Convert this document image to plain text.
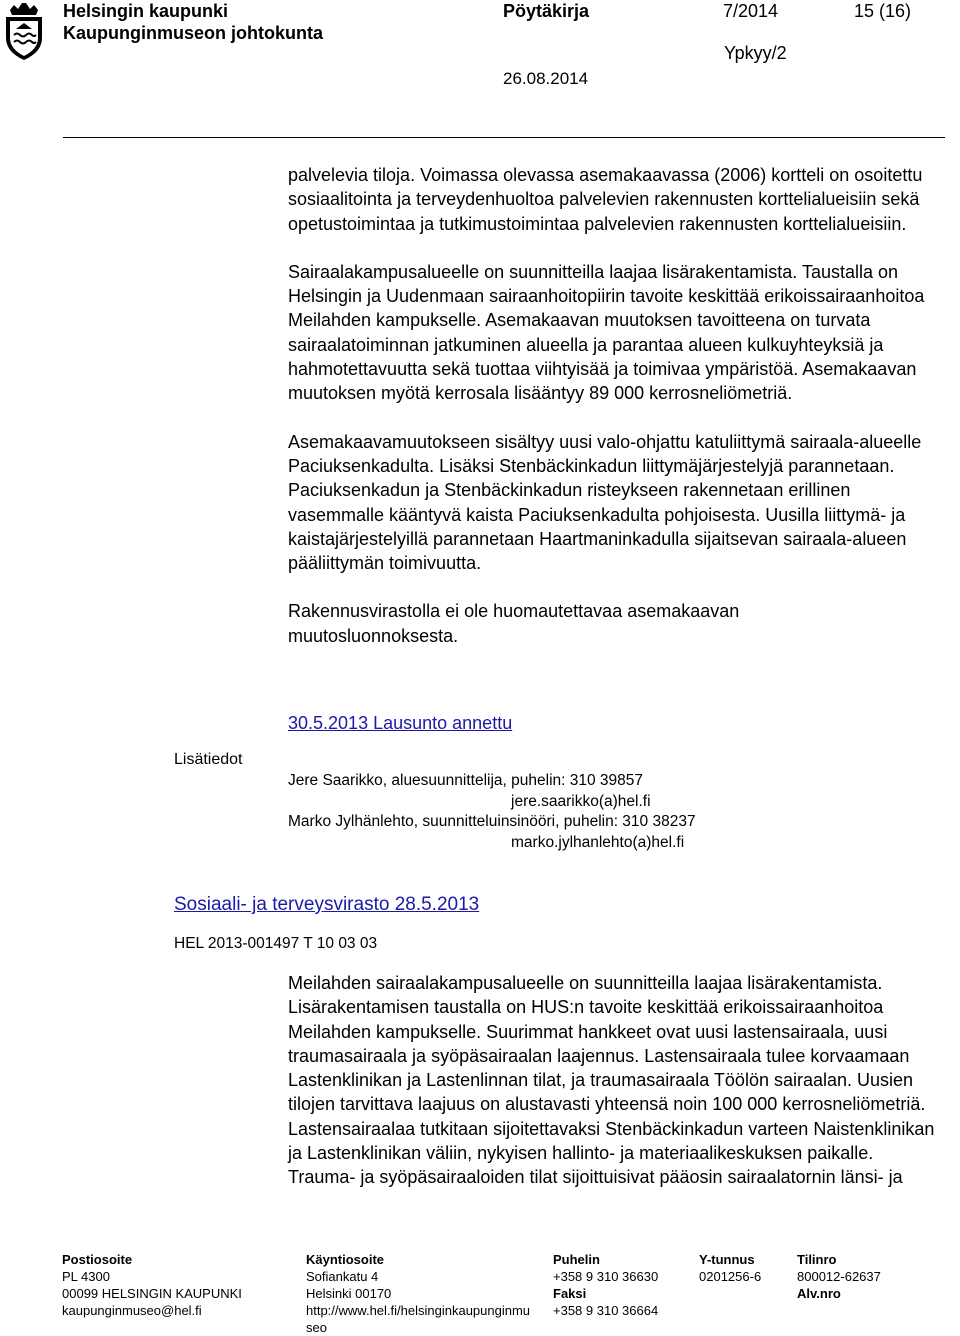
Helsingin kaupunki
Kaupunginmuseon johtokunta
Pöytäkirja	7/2014	15 (16)
Ypkyy/2
26.08.2014

palvelevia tiloja. Voimassa olevassa asemakaavassa (2006) kortteli on osoitettu sosiaalitointa ja terveydenhuoltoa palvelevien rakennusten korttelialueisiin sekä opetustoimintaa ja tutkimustoimintaa palvelevien rakennusten korttelialueisiin.

Sairaalakampusalueelle on suunnitteilla laajaa lisärakentamista. Taustalla on Helsingin ja Uudenmaan sairaanhoitopiirin tavoite keskittää erikoissairaanhoitoa Meilahden kampukselle. Asemakaavan muutoksen tavoitteena on turvata sairaalatoiminnan jatkuminen alueella ja parantaa alueen kulkuyhteyksiä ja hahmotettavuutta sekä tuottaa viihtyisää ja toimivaa ympäristöä. Asemakaavan muutoksen myötä kerrosala lisääntyy 89 000 kerrosneliömetriä.

Asemakaavamuutokseen sisältyy uusi valo-ohjattu katuliittymä sairaala-alueelle Paciuksenkadulta. Lisäksi Stenbäckinkadun liittymäjärjestelyjä parannetaan. Paciuksenkadun ja Stenbäckinkadun risteykseen rakennetaan erillinen vasemmalle kääntyvä kaista Paciuksenkadulta pohjoisesta. Uusilla liittymä- ja kaistajärjestelyillä parannetaan Haartmaninkadulla sijaitsevan sairaala-alueen pääliittymän toimivuutta.

Rakennusvirastolla ei ole huomautettavaa asemakaavan muutosluonnoksesta.

30.5.2013 Lausunto annettu
Lisätiedot
Jere Saarikko, aluesuunnittelija, puhelin: 310 39857
jere.saarikko(a)hel.fi
Marko Jylhänlehto, suunnitteluinsinööri, puhelin: 310 38237
marko.jylhanlehto(a)hel.fi
Sosiaali- ja terveysvirasto 28.5.2013
HEL 2013-001497 T 10 03 03
Meilahden sairaalakampusalueelle on suunnitteilla laajaa lisärakentamista. Lisärakentamisen taustalla on HUS:n tavoite keskittää erikoissairaanhoitoa Meilahden kampukselle. Suurimmat hankkeet ovat uusi lastensairaala, uusi traumasairaala ja syöpäsairaalan laajennus. Lastensairaala tulee korvaamaan Lastenklinikan ja Lastenlinnan tilat, ja traumasairaala Töölön sairaalan. Uusien tilojen tarvittava laajuus on alustavasti yhteensä noin 100 000 kerrosneliömetriä. Lastensairaalaa tutkitaan sijoitettavaksi Stenbäckinkadun varteen Naistenklinikan ja Lastenklinikan väliin, nykyisen hallinto- ja materiaalikeskuksen paikalle. Trauma- ja syöpäsairaaloiden tilat sijoittuisivat pääosin sairaalatornin länsi- ja
Postiosoite
PL 4300
00099 HELSINGIN KAUPUNKI
kaupunginmuseo@hel.fi
Käyntiosoite
Sofiankatu 4
Helsinki 00170
http://www.hel.fi/helsinginkaupunginmu
seo
Puhelin
+358 9 310 36630
Faksi
+358 9 310 36664
Y-tunnus
0201256-6
Tilinro
800012-62637
Alv.nro
